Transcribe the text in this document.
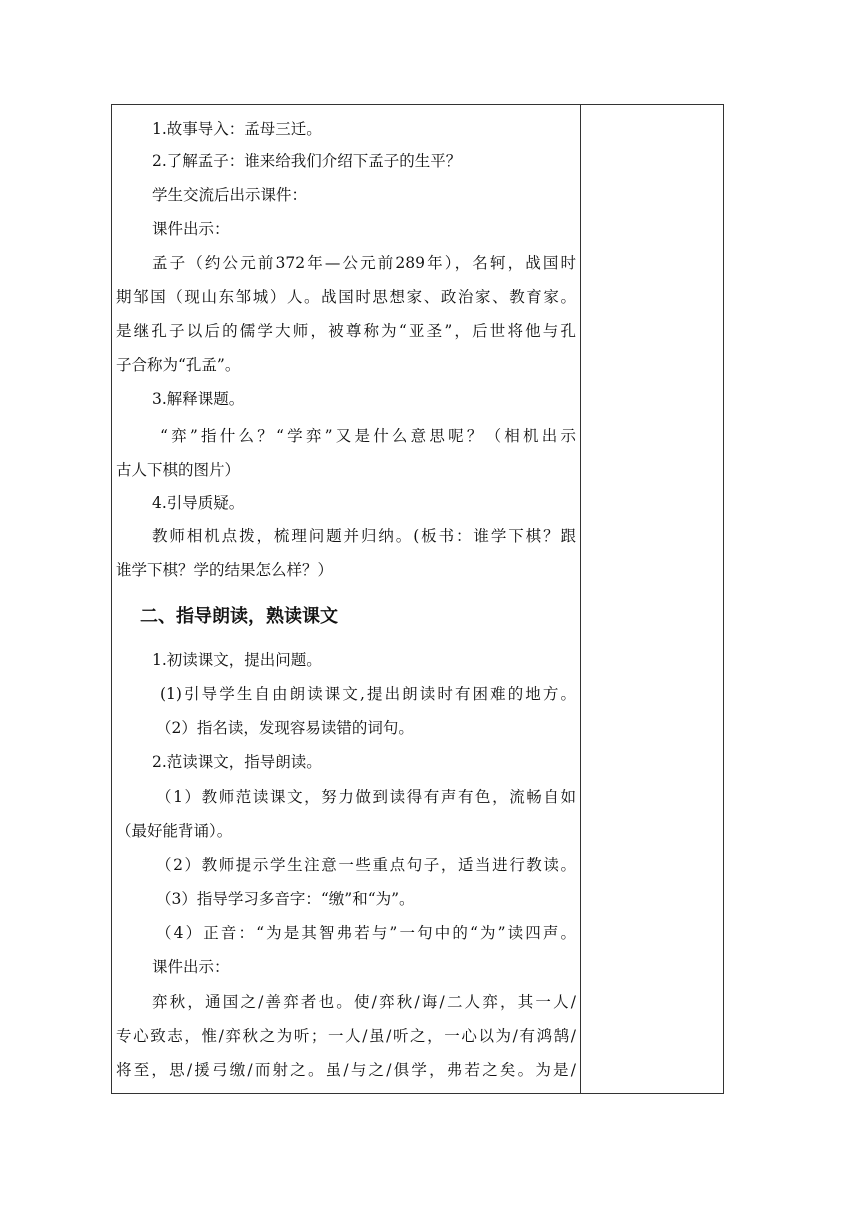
1.故事导入：孟母三迁。
2.了解孟子：谁来给我们介绍下孟子的生平？
学生交流后出示课件：
课件出示：
孟子（约公元前372年—公元前289年），名轲，战国时
期邹国（现山东邹城）人。战国时思想家、政治家、教育家。
是继孔子以后的儒学大师，被尊称为“亚圣”，后世将他与孔
子合称为“孔孟”。
3.解释课题。
“弈”指什么？“学弈”又是什么意思呢？（相机出示
古人下棋的图片）
4.引导质疑。
教师相机点拨，梳理问题并归纳。(板书：谁学下棋？跟
谁学下棋？学的结果怎么样？）
二、指导朗读，熟读课文
1.初读课文，提出问题。
(1)引导学生自由朗读课文,提出朗读时有困难的地方。
（2）指名读，发现容易读错的词句。
2.范读课文，指导朗读。
（1）教师范读课文，努力做到读得有声有色，流畅自如
（最好能背诵）。
（2）教师提示学生注意一些重点句子，适当进行教读。
（3）指导学习多音字：“缴”和“为”。
（4）正音：“为是其智弗若与”一句中的“为”读四声。
课件出示：
弈秋，通国之/善弈者也。使/弈秋/诲/二人弈，其一人/
专心致志，惟/弈秋之为听；一人/虽/听之，一心以为/有鸿鹄/
将至，思/援弓缴/而射之。虽/与之/俱学，弗若之矣。为是/
